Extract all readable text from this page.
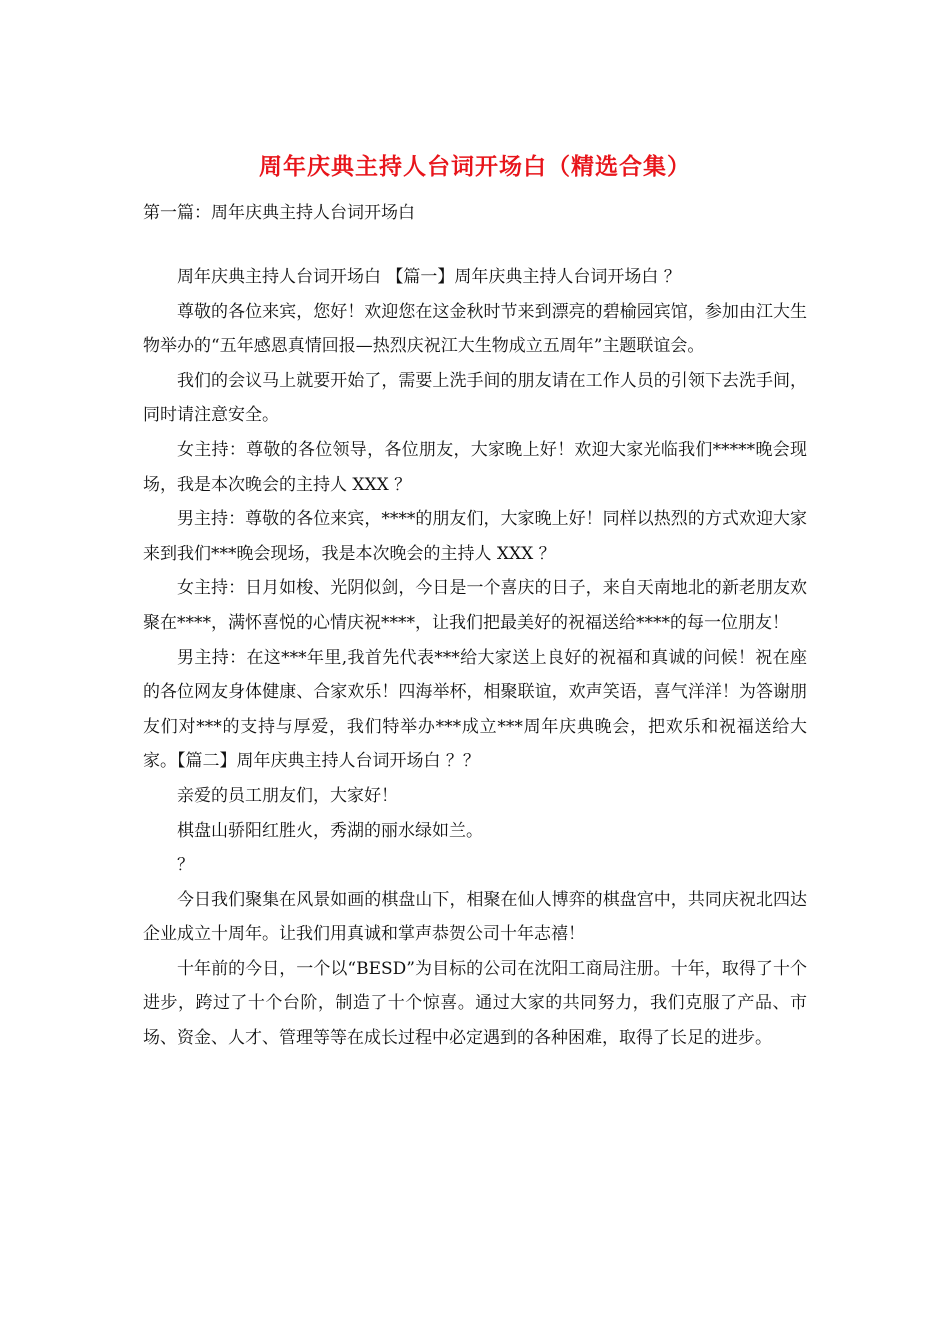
周年庆典主持人台词开场白（精选合集）
第一篇：周年庆典主持人台词开场白

周年庆典主持人台词开场白 【篇一】周年庆典主持人台词开场白 ？

尊敬的各位来宾，您好！欢迎您在这金秋时节来到漂亮的碧榆园宾馆，参加由江大生物举办的“五年感恩真情回报—热烈庆祝江大生物成立五周年”主题联谊会。

我们的会议马上就要开始了，需要上洗手间的朋友请在工作人员的引领下去洗手间，同时请注意安全。

女主持：尊敬的各位领导，各位朋友，大家晚上好！欢迎大家光临我们*****晚会现场，我是本次晚会的主持人 XXX ？

男主持：尊敬的各位来宾，****的朋友们，大家晚上好！同样以热烈的方式欢迎大家来到我们***晚会现场，我是本次晚会的主持人 XXX ？

女主持：日月如梭、光阴似剑，今日是一个喜庆的日子，来自天南地北的新老朋友欢聚在****，满怀喜悦的心情庆祝****，让我们把最美好的祝福送给****的每一位朋友！

男主持：在这***年里,我首先代表***给大家送上良好的祝福和真诚的问候！祝在座的各位网友身体健康、合家欢乐！四海举杯，相聚联谊，欢声笑语，喜气洋洋！为答谢朋友们对***的支持与厚爱，我们特举办***成立***周年庆典晚会，把欢乐和祝福送给大家。【篇二】周年庆典主持人台词开场白 ？？

亲爱的员工朋友们，大家好！

棋盘山骄阳红胜火，秀湖的丽水绿如兰。

？

今日我们聚集在风景如画的棋盘山下，相聚在仙人博弈的棋盘宫中，共同庆祝北四达企业成立十周年。让我们用真诚和掌声恭贺公司十年志禧！

十年前的今日，一个以“BESD”为目标的公司在沈阳工商局注册。十年，取得了十个进步，跨过了十个台阶，制造了十个惊喜。通过大家的共同努力，我们克服了产品、市场、资金、人才、管理等等在成长过程中必定遇到的各种困难，取得了长足的进步。
